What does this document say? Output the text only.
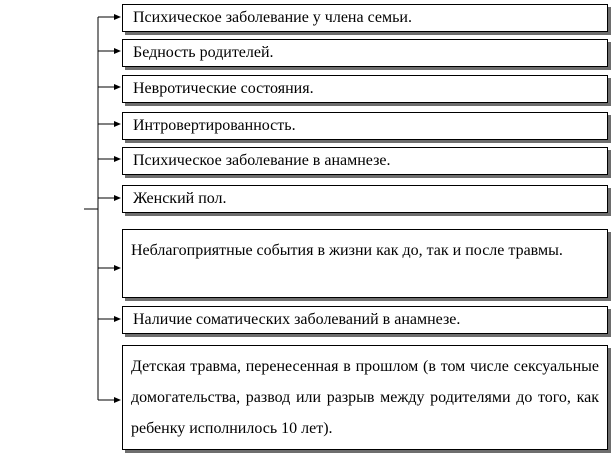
Психическое заболевание у члена семьи.
Бедность родителей.
Невротические состояния.
Интровертированность.
Психическое заболевание в анамнезе.
Женский пол.
Неблагоприятные события в жизни как до, так и после травмы.
Наличие соматических заболеваний в анамнезе.
Детская травма, перенесенная в прошлом (в том числе сексуальные домогательства, развод или разрыв между родителями до того, как ребенку исполнилось 10 лет).
